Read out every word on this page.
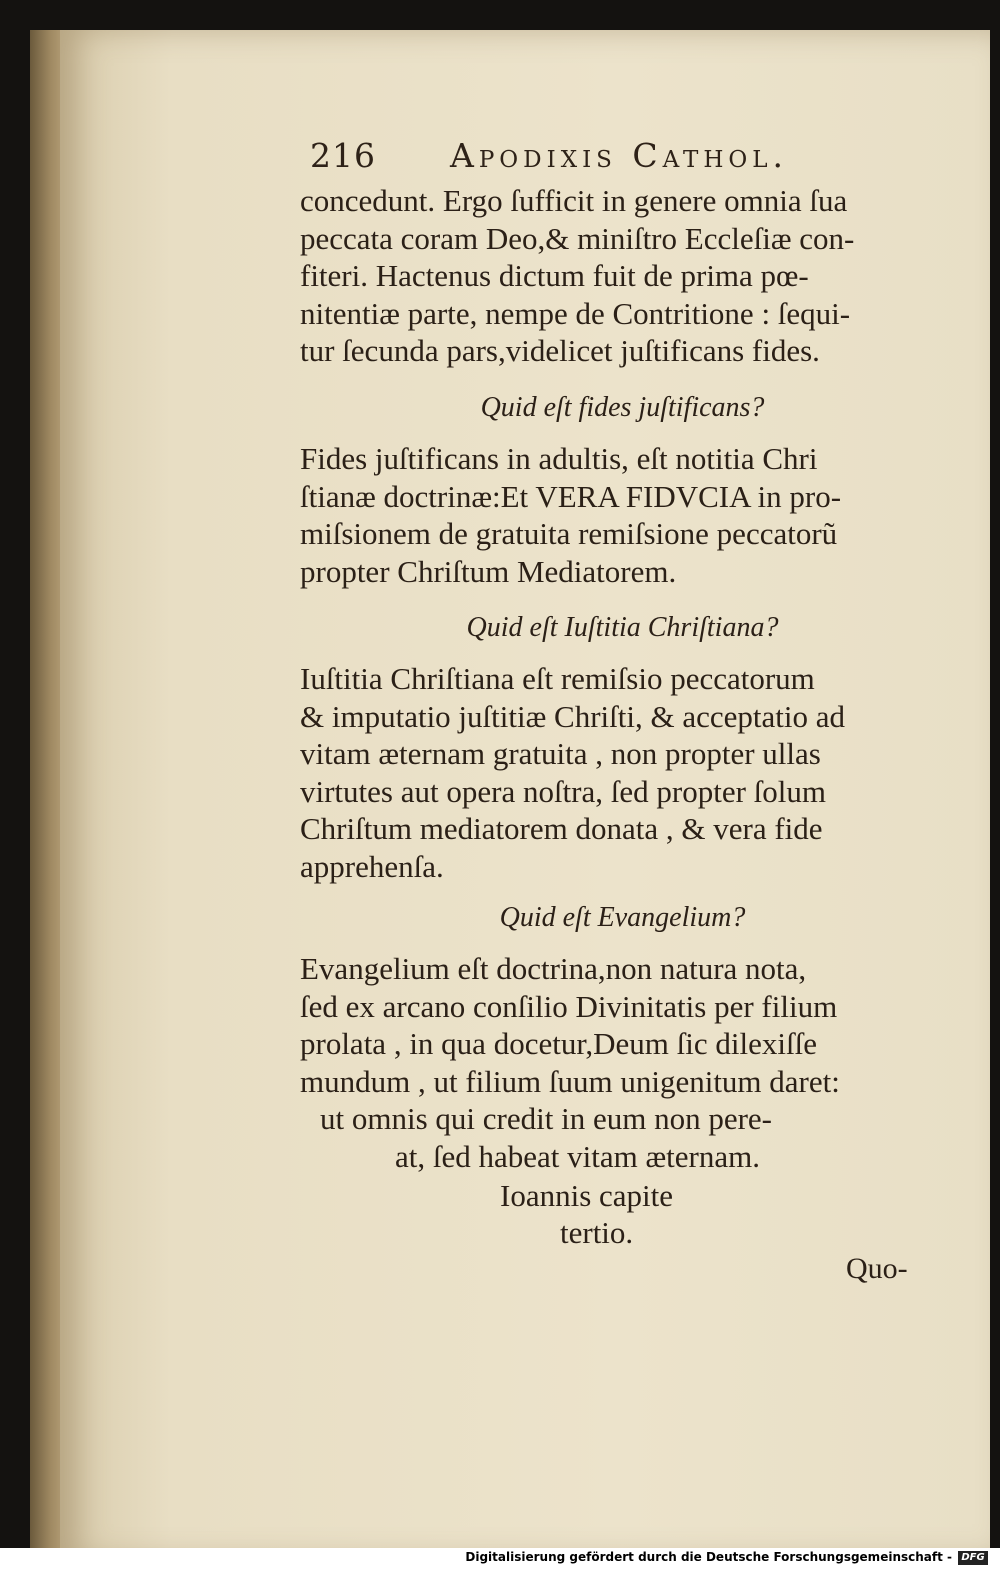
216 Apodixis Cathol.
concedunt. Ergo ſufficit in genere omnia ſua
peccata coram Deo,& miniſtro Eccleſiæ con-
fiteri. Hactenus dictum fuit de prima pœ-
nitentiæ parte, nempe de Contritione : ſequi-
tur ſecunda pars,videlicet juſtificans fides.
Quid eſt fides juſtificans?
Fides juſtificans in adultis, eſt notitia Chri
ſtianæ doctrinæ:Et VERA FIDVCIA in pro-
miſsionem de gratuita remiſsione peccatorũ
propter Chriſtum Mediatorem.
Quid eſt Iuſtitia Chriſtiana?
Iuſtitia Chriſtiana eſt remiſsio peccatorum
& imputatio juſtitiæ Chriſti, & acceptatio ad
vitam æternam gratuita , non propter ullas
virtutes aut opera noſtra, ſed propter ſolum
Chriſtum mediatorem donata , & vera fide
apprehenſa.
Quid eſt Evangelium?
Evangelium eſt doctrina,non natura nota,
ſed ex arcano conſilio Divinitatis per filium
prolata , in qua docetur,Deum ſic dilexiſſe
mundum , ut filium ſuum unigenitum daret:
ut omnis qui credit in eum non pere-
at, ſed habeat vitam æternam.
Ioannis capite
tertio.
Quo-
Digitalisierung gefördert durch die Deutsche Forschungsgemeinschaft - DFG
